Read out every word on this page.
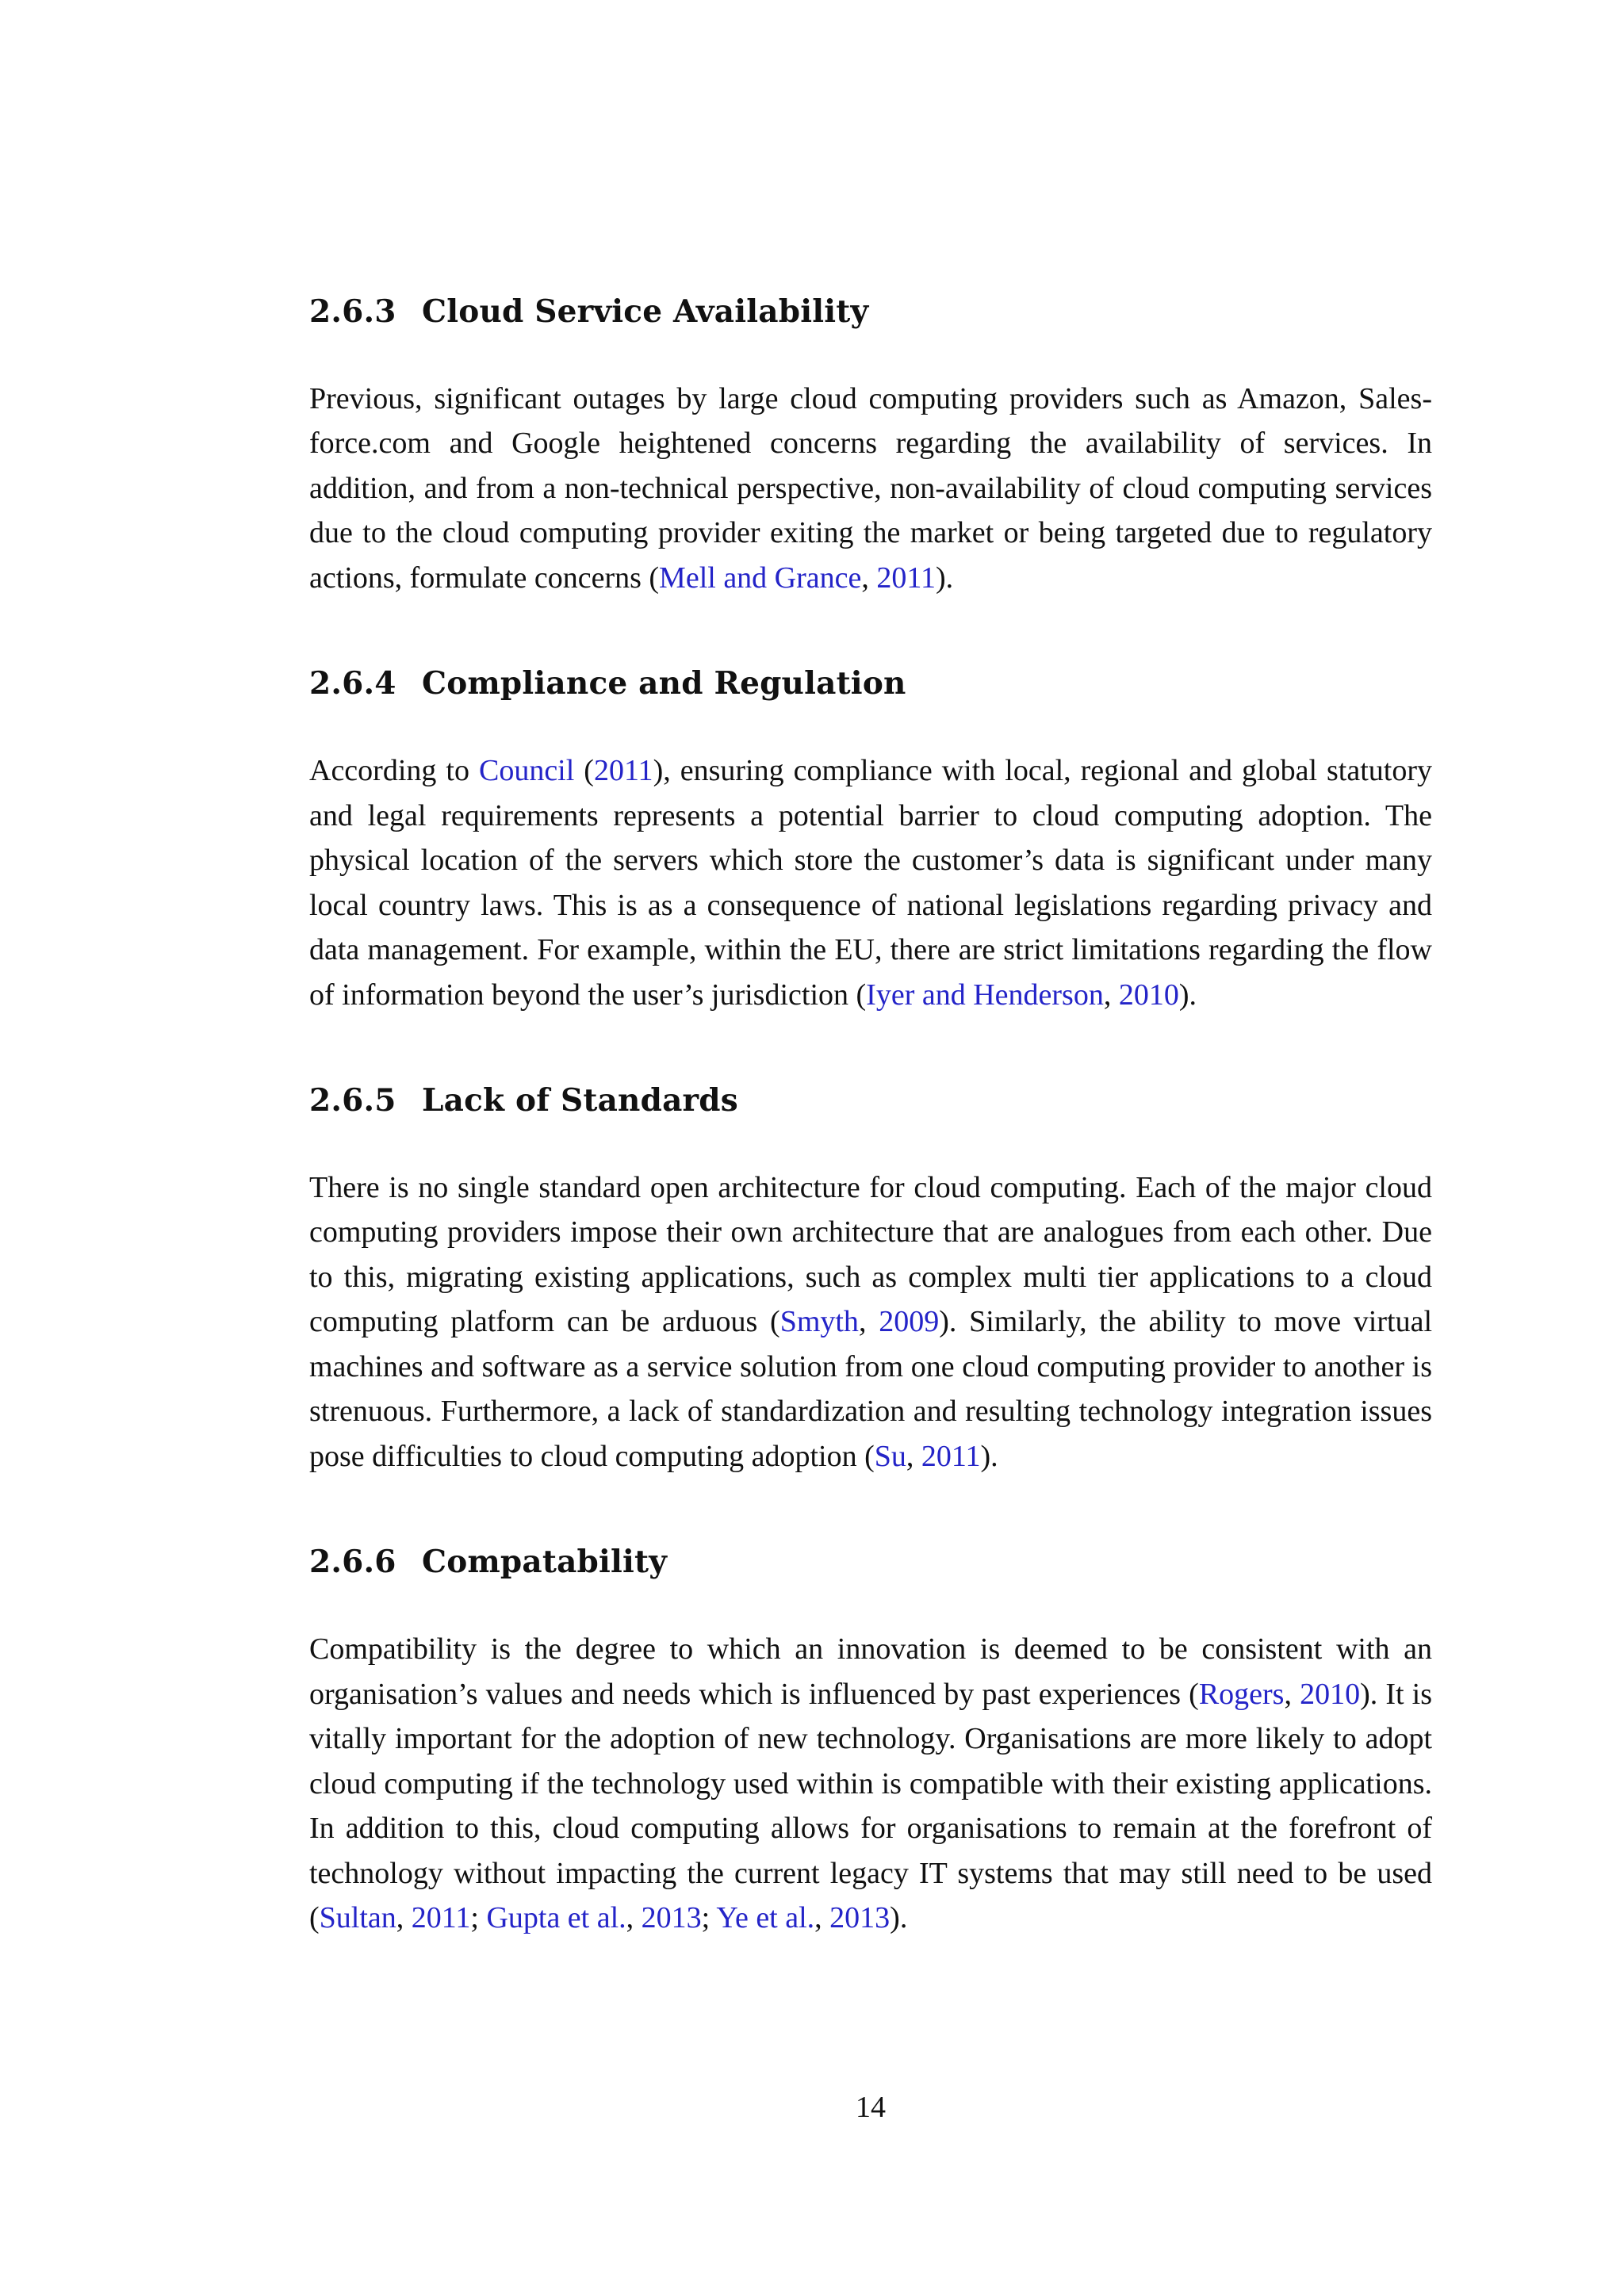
2.6.3 Cloud Service Availability

Previous, significant outages by large cloud computing providers such as Amazon, Salesforce.com and Google heightened concerns regarding the availability of services. In addition, and from a non-technical perspective, non-availability of cloud computing services due to the cloud computing provider exiting the market or being targeted due to regulatory actions, formulate concerns (Mell and Grance, 2011).

2.6.4 Compliance and Regulation

According to Council (2011), ensuring compliance with local, regional and global statutory and legal requirements represents a potential barrier to cloud computing adoption. The physical location of the servers which store the customer’s data is significant under many local country laws. This is as a consequence of national legislations regarding privacy and data management. For example, within the EU, there are strict limitations regarding the flow of information beyond the user’s jurisdiction (Iyer and Henderson, 2010).

2.6.5 Lack of Standards

There is no single standard open architecture for cloud computing. Each of the major cloud computing providers impose their own architecture that are analogues from each other. Due to this, migrating existing applications, such as complex multi tier applications to a cloud computing platform can be arduous (Smyth, 2009). Similarly, the ability to move virtual machines and software as a service solution from one cloud computing provider to another is strenuous. Furthermore, a lack of standardization and resulting technology integration issues pose difficulties to cloud computing adoption (Su, 2011).

2.6.6 Compatability

Compatibility is the degree to which an innovation is deemed to be consistent with an organisation’s values and needs which is influenced by past experiences (Rogers, 2010). It is vitally important for the adoption of new technology. Organisations are more likely to adopt cloud computing if the technology used within is compatible with their existing applications. In addition to this, cloud computing allows for organisations to remain at the forefront of technology without impacting the current legacy IT systems that may still need to be used (Sultan, 2011; Gupta et al., 2013; Ye et al., 2013).

14
